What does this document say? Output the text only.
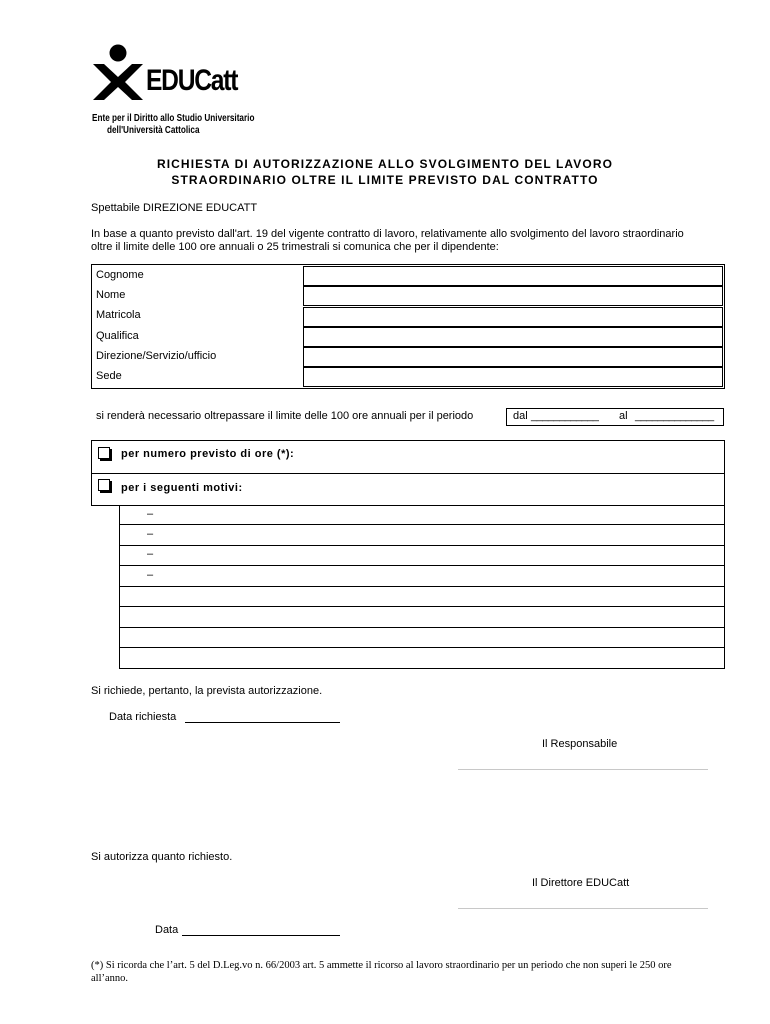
EDUCatt
Ente per il Diritto allo Studio Universitario
dell'Università Cattolica
RICHIESTA DI AUTORIZZAZIONE ALLO SVOLGIMENTO DEL LAVORO
STRAORDINARIO OLTRE IL LIMITE PREVISTO DAL CONTRATTO
Spettabile DIREZIONE EDUCATT
In base a quanto previsto dall'art. 19 del vigente contratto di lavoro, relativamente allo svolgimento del lavoro straordinario
oltre il limite delle 100 ore annuali o 25 trimestrali si comunica che per il dipendente:
Cognome
Nome
Matricola
Qualifica
Direzione/Servizio/ufficio
Sede
si renderà necessario oltrepassare il limite delle 100 ore annuali per il periodo	dal ____________ al ______________
per numero previsto di ore (*):
per i seguenti motivi:
–
–
–
–
Si richiede, pertanto, la prevista autorizzazione.
Data richiesta
Il Responsabile
Si autorizza quanto richiesto.
Il Direttore EDUCatt
Data
(*) Si ricorda che l’art. 5 del D.Leg.vo n. 66/2003 art. 5 ammette il ricorso al lavoro straordinario per un periodo che non superi le 250 ore
all’anno.
